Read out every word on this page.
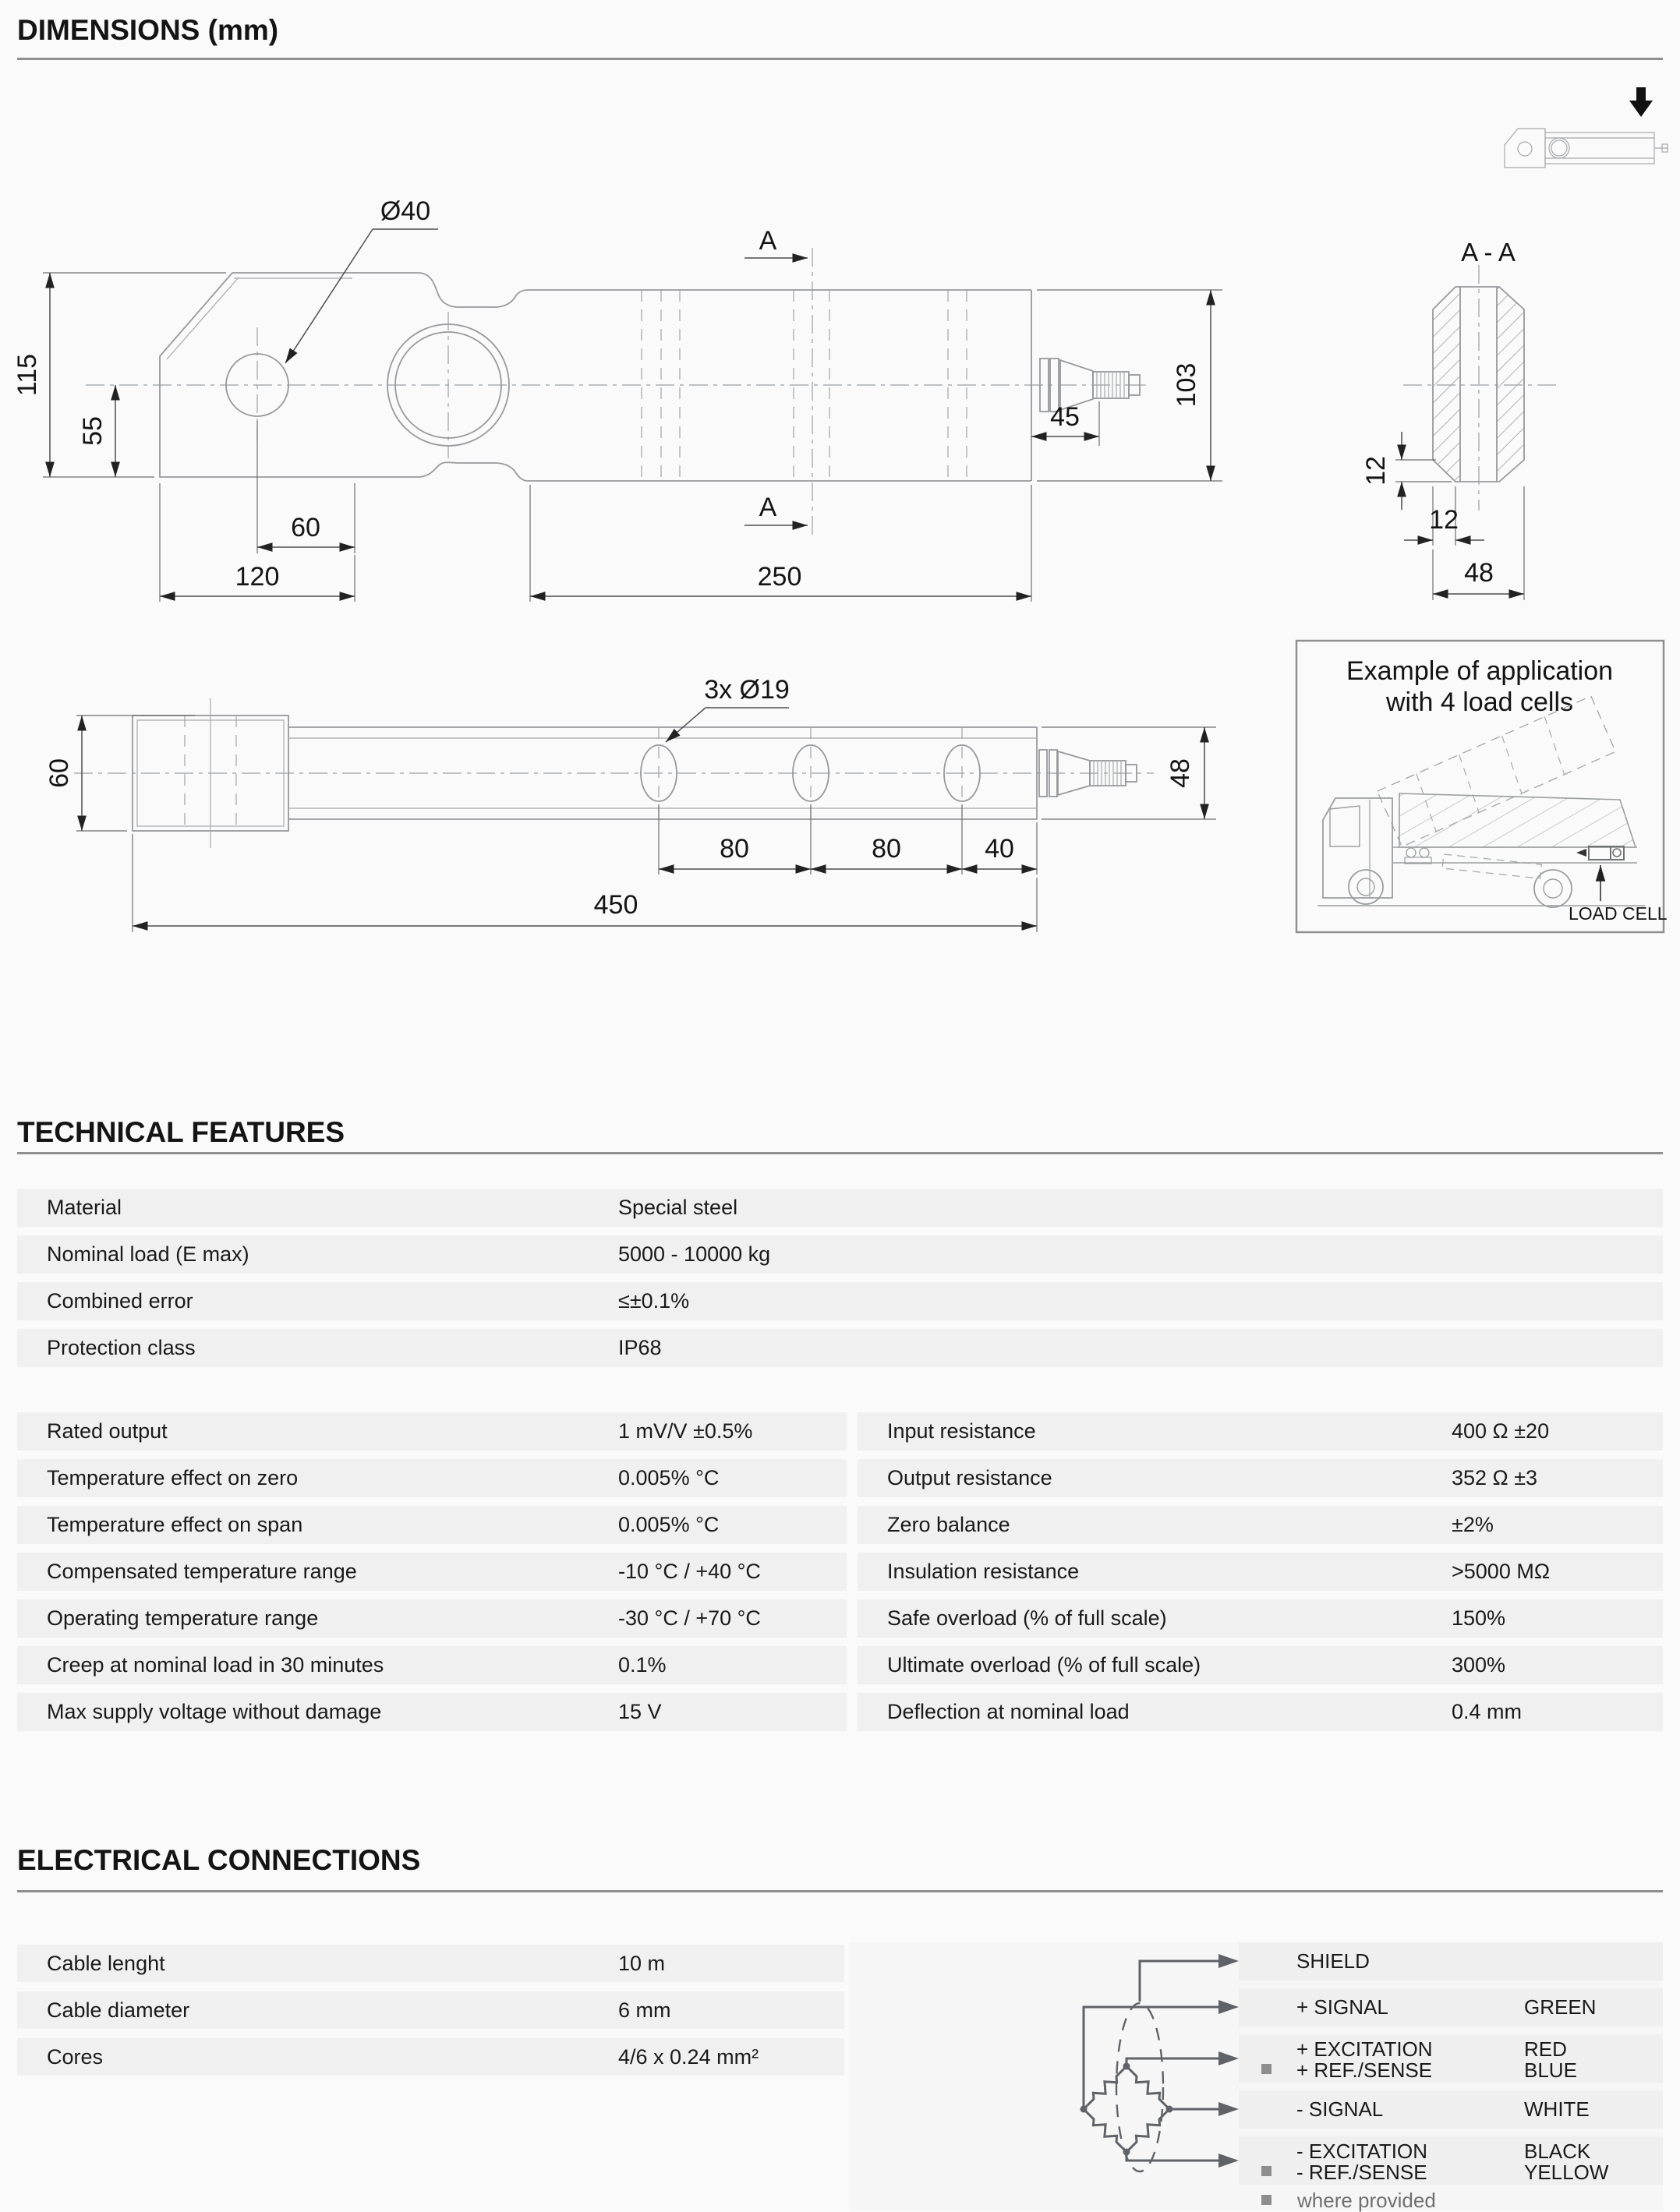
DIMENSIONS (mm)
TECHNICAL FEATURES
ELECTRICAL CONNECTIONS
A
A
Ø40
115
55
60
120	250
45
103
A - A
12
12
48
3x Ø19
60	48
80	80	40
450
Example of application
with 4 load cells
LOAD CELL
Material	Special steel
Nominal load (E max)	5000 - 10000 kg
Combined error	≤±0.1%
Protection class	IP68
Rated output	1 mV/V ±0.5%
Temperature effect on zero	0.005% °C
Temperature effect on span	0.005% °C
Compensated temperature range	-10 °C / +40 °C
Operating temperature range	-30 °C / +70 °C
Creep at nominal load in 30 minutes	0.1%
Max supply voltage without damage	15 V
Input resistance	400 Ω ±20
Output resistance	352 Ω ±3
Zero balance	±2%
Insulation resistance	>5000 MΩ
Safe overload (% of full scale)	150%
Ultimate overload (% of full scale)	300%
Deflection at nominal load	0.4 mm
Cable lenght	10 m
Cable diameter	6 mm
Cores	4/6 x 0.24 mm²
SHIELD
+ SIGNAL	GREEN
+ EXCITATION	RED
+ REF./SENSE	BLUE
- SIGNAL	WHITE
- EXCITATION	BLACK
- REF./SENSE	YELLOW
where provided
